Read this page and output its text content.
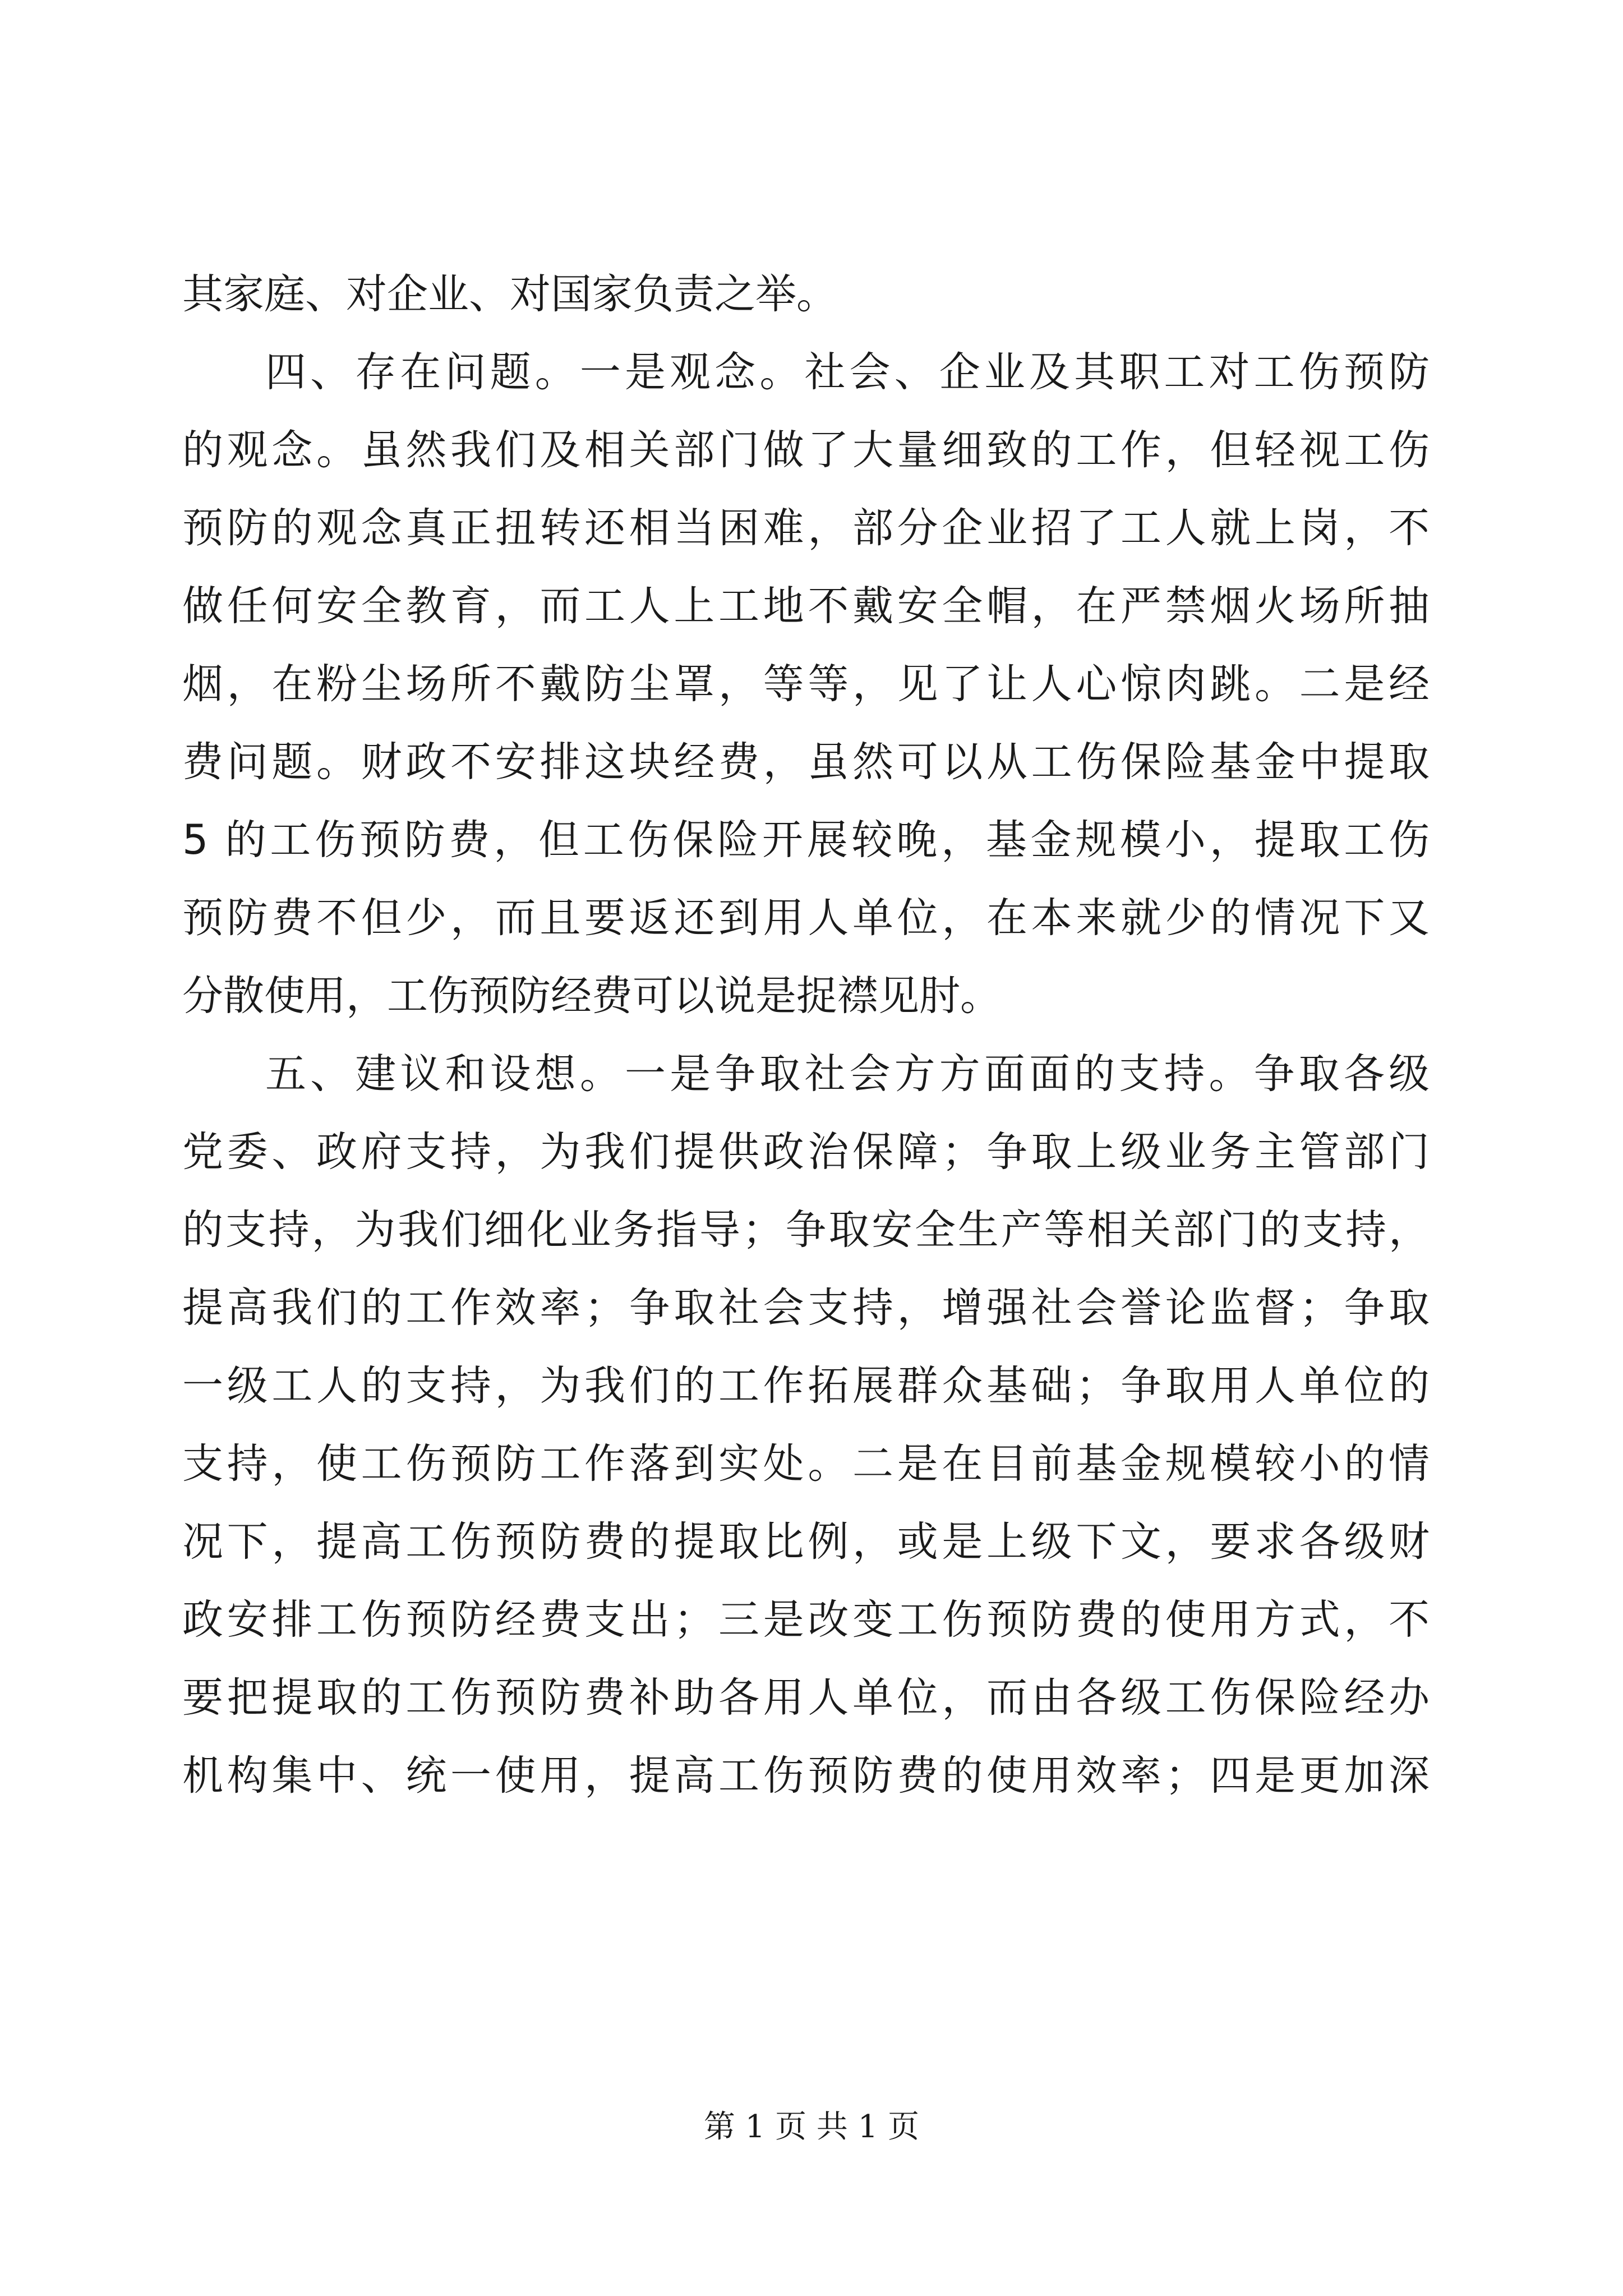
其家庭、对企业、对国家负责之举。
四、存在问题。一是观念。社会、企业及其职工对工伤预防
的观念。虽然我们及相关部门做了大量细致的工作，但轻视工伤
预防的观念真正扭转还相当困难，部分企业招了工人就上岗，不
做任何安全教育，而工人上工地不戴安全帽，在严禁烟火场所抽
烟，在粉尘场所不戴防尘罩，等等，见了让人心惊肉跳。二是经
费问题。财政不安排这块经费，虽然可以从工伤保险基金中提取
5 的工伤预防费，但工伤保险开展较晚，基金规模小，提取工伤
预防费不但少，而且要返还到用人单位，在本来就少的情况下又
分散使用，工伤预防经费可以说是捉襟见肘。
五、建议和设想。一是争取社会方方面面的支持。争取各级
党委、政府支持，为我们提供政治保障；争取上级业务主管部门
的支持，为我们细化业务指导；争取安全生产等相关部门的支持，
提高我们的工作效率；争取社会支持，增强社会誉论监督；争取
一级工人的支持，为我们的工作拓展群众基础；争取用人单位的
支持，使工伤预防工作落到实处。二是在目前基金规模较小的情
况下，提高工伤预防费的提取比例，或是上级下文，要求各级财
政安排工伤预防经费支出；三是改变工伤预防费的使用方式，不
要把提取的工伤预防费补助各用人单位，而由各级工伤保险经办
机构集中、统一使用，提高工伤预防费的使用效率；四是更加深
第 1 页 共 1 页
